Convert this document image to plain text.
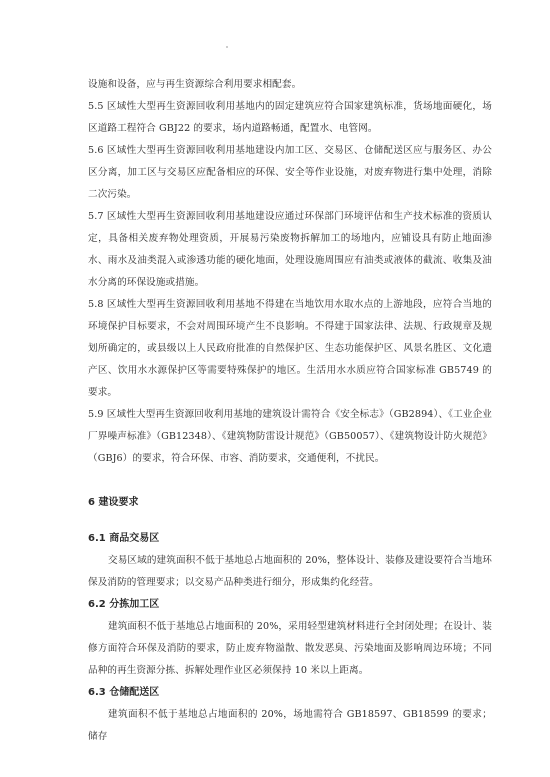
设施和设备，应与再生资源综合利用要求相配套。

5.5 区域性大型再生资源回收利用基地内的固定建筑应符合国家建筑标准，货场地面硬化，场区道路工程符合 GBJ22 的要求，场内道路畅通，配置水、电管网。

5.6 区域性大型再生资源回收利用基地建设内加工区、交易区、仓储配送区应与服务区、办公区分离，加工区与交易区应配备相应的环保、安全等作业设施，对废弃物进行集中处理，消除二次污染。

5.7 区域性大型再生资源回收利用基地建设应通过环保部门环境评估和生产技术标准的资质认定，具备相关废弃物处理资质，开展易污染废物拆解加工的场地内，应铺设具有防止地面渗水、雨水及油类混入或渗透功能的硬化地面，处理设施周围应有油类或液体的截流、收集及油水分离的环保设施或措施。

5.8 区域性大型再生资源回收利用基地不得建在当地饮用水取水点的上游地段，应符合当地的环境保护目标要求，不会对周围环境产生不良影响。不得建于国家法律、法规、行政规章及规划所确定的，或县级以上人民政府批准的自然保护区、生态功能保护区、风景名胜区、文化遗产区、饮用水水源保护区等需要特殊保护的地区。生活用水水质应符合国家标准 GB5749 的要求。

5.9 区域性大型再生资源回收利用基地的建筑设计需符合《安全标志》（GB2894）、《工业企业厂界噪声标准》（GB12348）、《建筑物防雷设计规范》（GB50057）、《建筑物设计防火规范》（GBJ6）的要求，符合环保、市容、消防要求，交通便利，不扰民。

6 建设要求

6.1 商品交易区

交易区域的建筑面积不低于基地总占地面积的 20%，整体设计、装修及建设要符合当地环保及消防的管理要求；以交易产品种类进行细分，形成集约化经营。

6.2 分拣加工区

建筑面积不低于基地总占地面积的 20%，采用轻型建筑材料进行全封闭处理；在设计、装修方面符合环保及消防的要求，防止废弃物溢散、散发恶臭、污染地面及影响周边环境；不同品种的再生资源分拣、拆解处理作业区必须保持 10 米以上距离。

6.3 仓储配送区

建筑面积不低于基地总占地面积的 20%，场地需符合 GB18597、GB18599 的要求；储存
